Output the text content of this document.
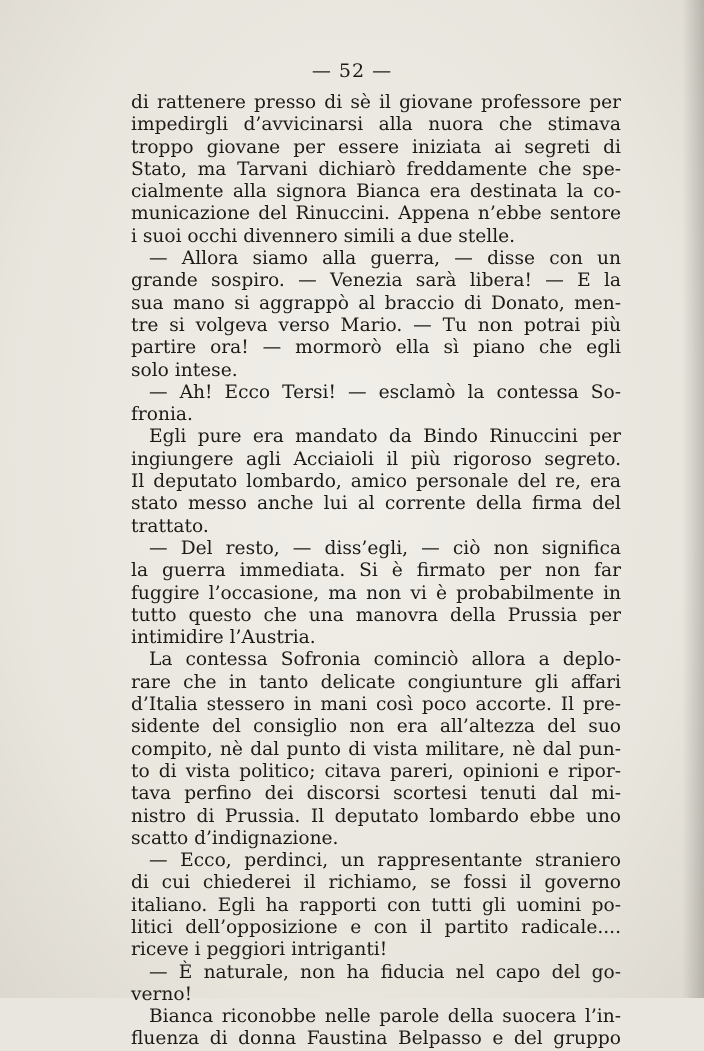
— 52 —
di rattenere presso di sè il giovane professore per
impedirgli d’avvicinarsi alla nuora che stimava
troppo giovane per essere iniziata ai segreti di
Stato, ma Tarvani dichiarò freddamente che spe-
cialmente alla signora Bianca era destinata la co-
municazione del Rinuccini. Appena n’ebbe sentore
i suoi occhi divennero simili a due stelle.
— Allora siamo alla guerra, — disse con un
grande sospiro. — Venezia sarà libera! — E la
sua mano si aggrappò al braccio di Donato, men-
tre si volgeva verso Mario. — Tu non potrai più
partire ora! — mormorò ella sì piano che egli
solo intese.
— Ah! Ecco Tersi! — esclamò la contessa So-
fronia.
Egli pure era mandato da Bindo Rinuccini per
ingiungere agli Acciaioli il più rigoroso segreto.
Il deputato lombardo, amico personale del re, era
stato messo anche lui al corrente della firma del
trattato.
— Del resto, — diss’egli, — ciò non significa
la guerra immediata. Si è firmato per non far
fuggire l’occasione, ma non vi è probabilmente in
tutto questo che una manovra della Prussia per
intimidire l’Austria.
La contessa Sofronia cominciò allora a deplo-
rare che in tanto delicate congiunture gli affari
d’Italia stessero in mani così poco accorte. Il pre-
sidente del consiglio non era all’altezza del suo
compito, nè dal punto di vista militare, nè dal pun-
to di vista politico; citava pareri, opinioni e ripor-
tava perfino dei discorsi scortesi tenuti dal mi-
nistro di Prussia. Il deputato lombardo ebbe uno
scatto d’indignazione.
— Ecco, perdinci, un rappresentante straniero
di cui chiederei il richiamo, se fossi il governo
italiano. Egli ha rapporti con tutti gli uomini po-
litici dell’opposizione e con il partito radicale....
riceve i peggiori intriganti!
— È naturale, non ha fiducia nel capo del go-
verno!
Bianca riconobbe nelle parole della suocera l’in-
fluenza di donna Faustina Belpasso e del gruppo
